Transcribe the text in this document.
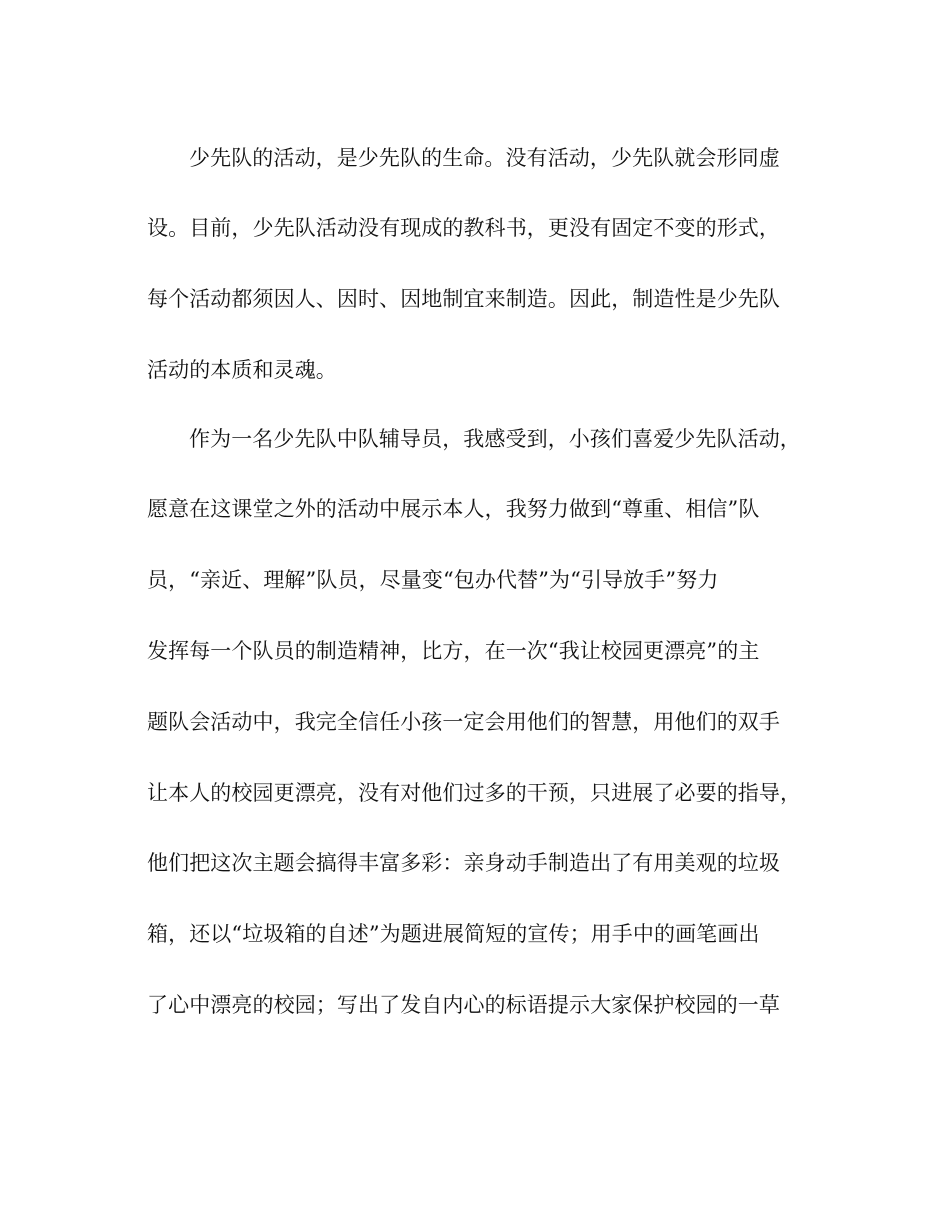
少先队的活动，是少先队的生命。没有活动，少先队就会形同虚
设。目前，少先队活动没有现成的教科书，更没有固定不变的形式，
每个活动都须因人、因时、因地制宜来制造。因此，制造性是少先队
活动的本质和灵魂。
作为一名少先队中队辅导员，我感受到，小孩们喜爱少先队活动，
愿意在这课堂之外的活动中展示本人，我努力做到“尊重、相信”队
员，“亲近、理解”队员，尽量变“包办代替”为“引导放手”努力
发挥每一个队员的制造精神，比方，在一次“我让校园更漂亮”的主
题队会活动中，我完全信任小孩一定会用他们的智慧，用他们的双手
让本人的校园更漂亮，没有对他们过多的干预，只进展了必要的指导，
他们把这次主题会搞得丰富多彩：亲身动手制造出了有用美观的垃圾
箱，还以“垃圾箱的自述”为题进展简短的宣传；用手中的画笔画出
了心中漂亮的校园；写出了发自内心的标语提示大家保护校园的一草
